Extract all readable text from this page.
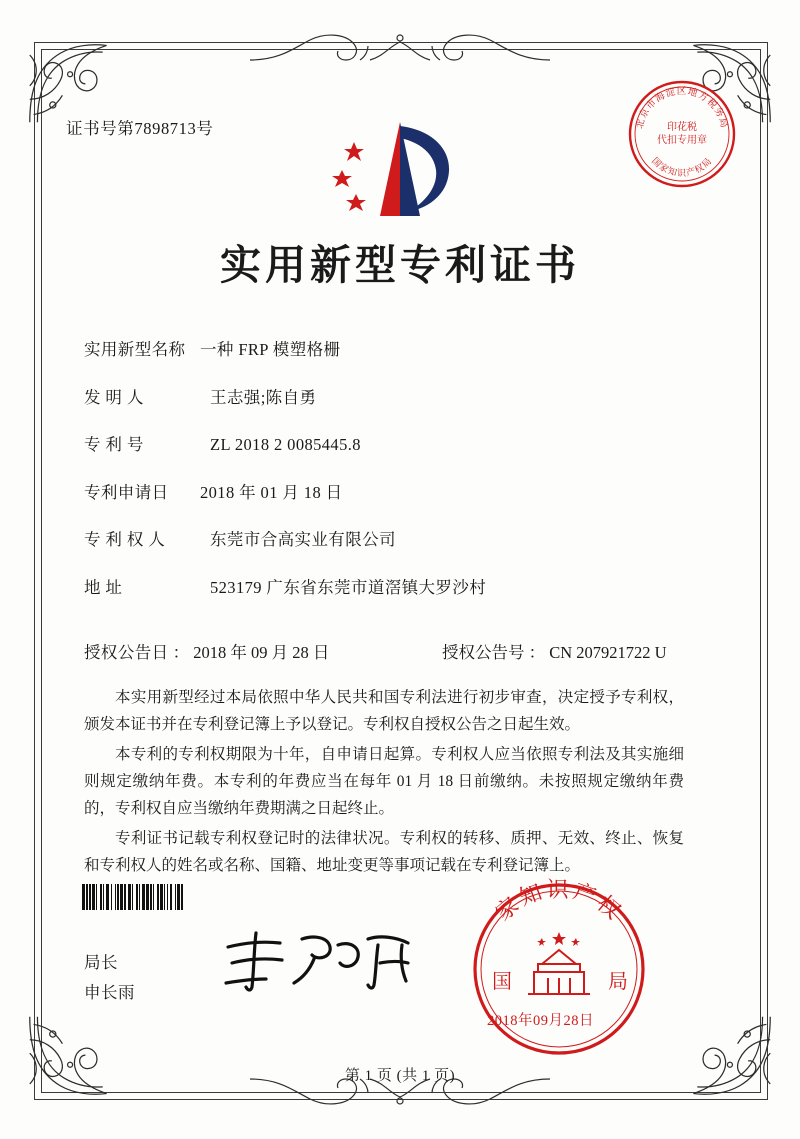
证书号第7898713号	北京市海淀区地方税务局
国家知识产权局
印花税
代扣专用章
实用新型专利证书
实用新型名称 一种 FRP 模塑格栅
发 明 人	王志强;陈自勇
专 利 号	ZL 2018 2 0085445.8
专利申请日	2018 年 01 月 18 日
专 利 权 人	东莞市合高实业有限公司
地 址	523179 广东省东莞市道滘镇大罗沙村
授权公告日 ： 2018 年 09 月 28 日	授权公告号 ： CN 207921722 U

本实用新型经过本局依照中华人民共和国专利法进行初步审查，决定授予专利权，颁发本证书并在专利登记簿上予以登记。专利权自授权公告之日起生效。

本专利的专利权期限为十年，自申请日起算。专利权人应当依照专利法及其实施细则规定缴纳年费。本专利的年费应当在每年 01 月 18 日前缴纳。未按照规定缴纳年费的，专利权自应当缴纳年费期满之日起终止。

专利证书记载专利权登记时的法律状况。专利权的转移、质押、无效、终止、恢复和专利权人的姓名或名称、国籍、地址变更等事项记载在专利登记簿上。

局长
申长雨
家知识产权
国	局
2018年09月28日
第 1 页 (共 1 页)
